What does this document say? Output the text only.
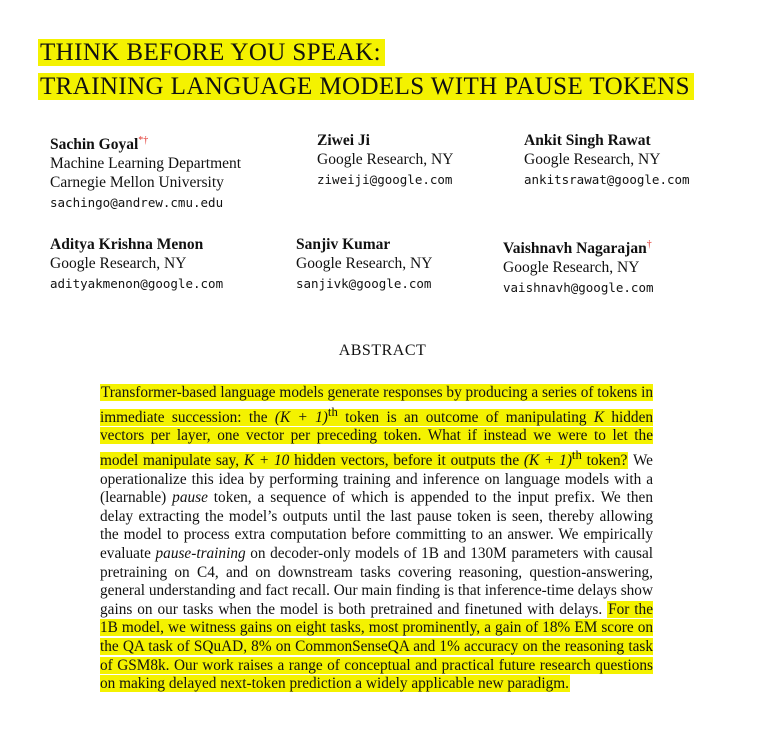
THINK BEFORE YOU SPEAK:
TRAINING LANGUAGE MODELS WITH PAUSE TOKENS
Sachin Goyal*†
Machine Learning Department
Carnegie Mellon University
sachingo@andrew.cmu.edu
Ziwei Ji
Google Research, NY
ziweiji@google.com
Ankit Singh Rawat
Google Research, NY
ankitsrawat@google.com
Aditya Krishna Menon
Google Research, NY
adityakmenon@google.com
Sanjiv Kumar
Google Research, NY
sanjivk@google.com
Vaishnavh Nagarajan†
Google Research, NY
vaishnavh@google.com
ABSTRACT

Transformer-based language models generate responses by producing a series of tokens in immediate succession: the $(K + 1)^{th}$ token is an outcome of manipulating K hidden vectors per layer, one vector per preceding token. What if instead we were to let the model manipulate say, K + 10 hidden vectors, before it outputs the $(K + 1)^{th}$ token? We operationalize this idea by performing training and inference on language models with a (learnable) pause token, a sequence of which is appended to the input prefix. We then delay extracting the model’s outputs until the last pause token is seen, thereby allowing the model to process extra computation before committing to an answer. We empirically evaluate pause-training on decoder-only models of 1B and 130M parameters with causal pretraining on C4, and on downstream tasks covering reasoning, question-answering, general understanding and fact recall. Our main finding is that inference-time delays show gains on our tasks when the model is both pretrained and finetuned with delays. For the 1B model, we witness gains on eight tasks, most prominently, a gain of 18% EM score on the QA task of SQuAD, 8% on CommonSenseQA and 1% accuracy on the reasoning task of GSM8k. Our work raises a range of conceptual and practical future research questions on making delayed next-token prediction a widely applicable new paradigm.
